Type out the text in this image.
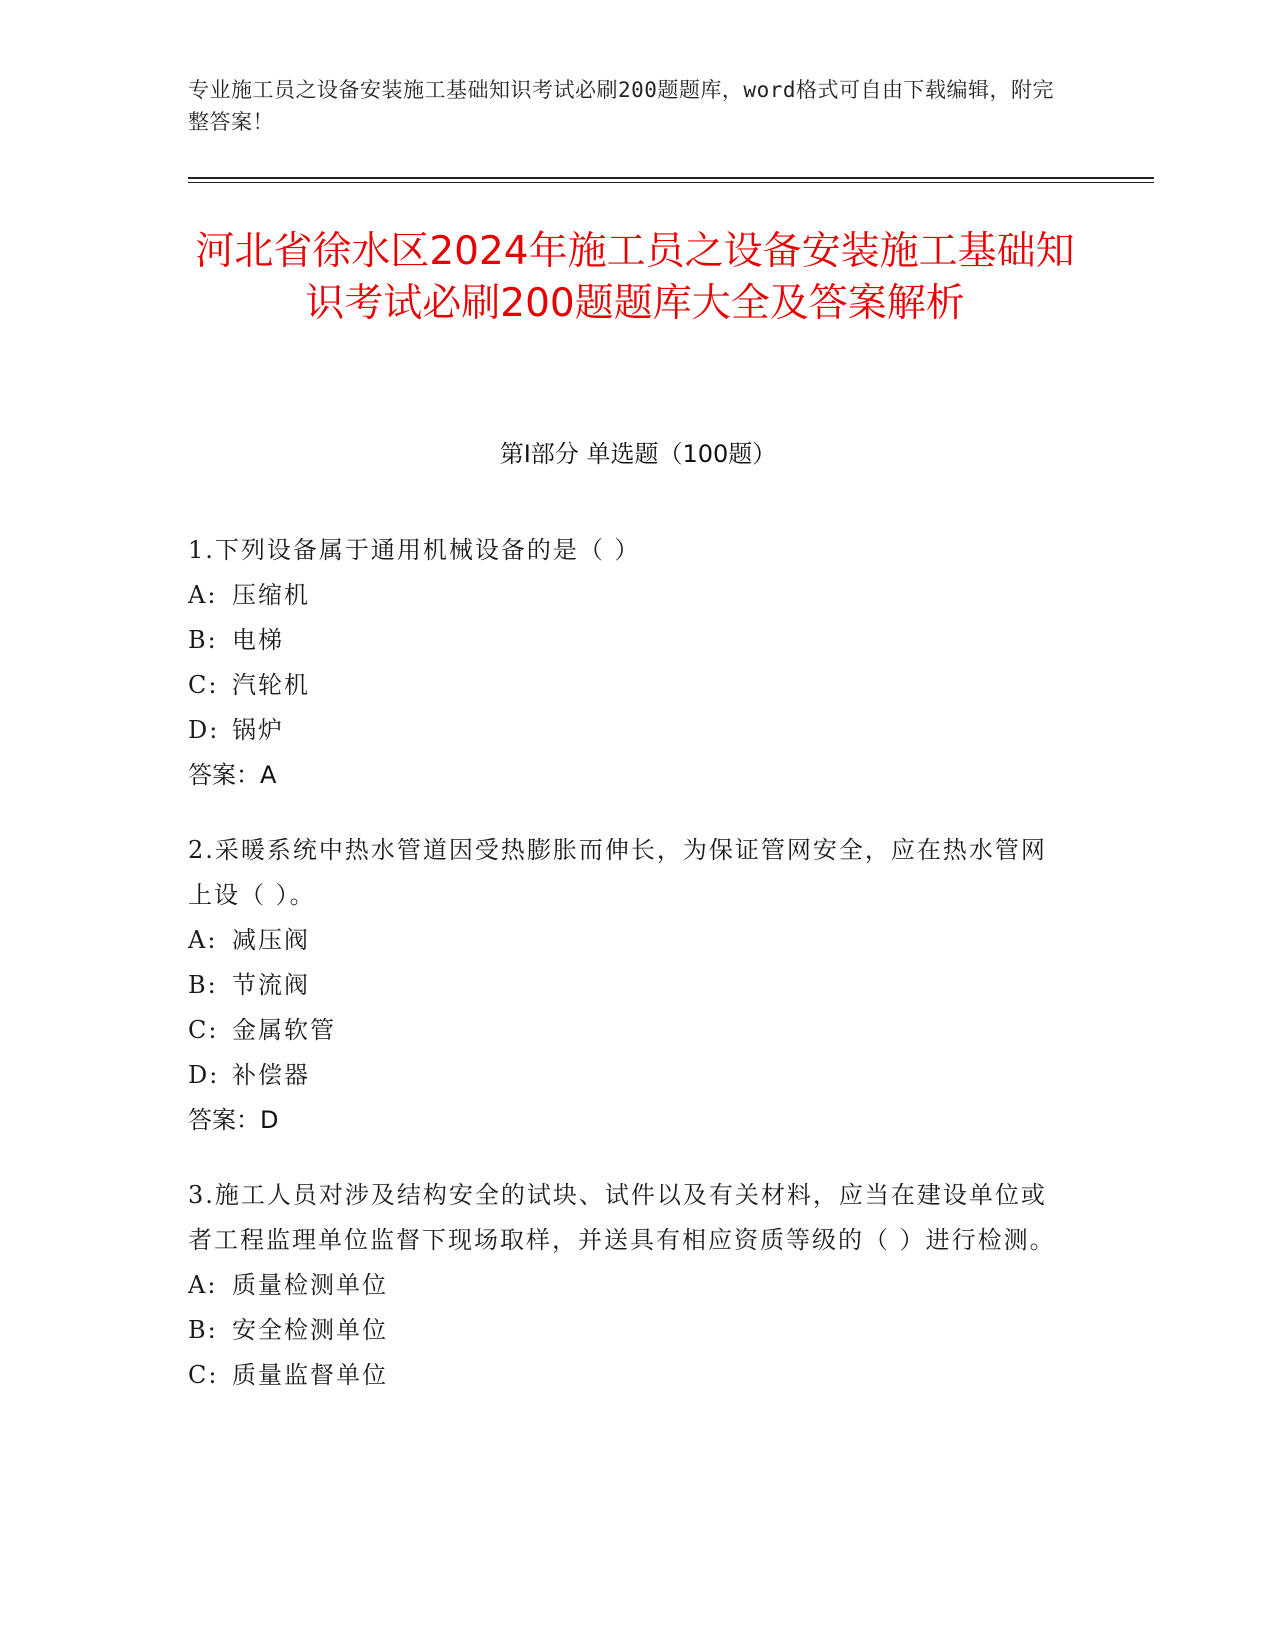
专业施工员之设备安装施工基础知识考试必刷200题题库，word格式可自由下载编辑，附完整答案！
河北省徐水区2024年施工员之设备安装施工基础知识考试必刷200题题库大全及答案解析
第Ⅰ部分 单选题（100题）
1.下列设备属于通用机械设备的是（ ）
A: 压缩机
B: 电梯
C: 汽轮机
D: 锅炉
答案：A
2.采暖系统中热水管道因受热膨胀而伸长，为保证管网安全，应在热水管网上设（ ）。
A: 减压阀
B: 节流阀
C: 金属软管
D: 补偿器
答案：D
3.施工人员对涉及结构安全的试块、试件以及有关材料，应当在建设单位或者工程监理单位监督下现场取样，并送具有相应资质等级的（ ）进行检测。
A: 质量检测单位
B: 安全检测单位
C: 质量监督单位
